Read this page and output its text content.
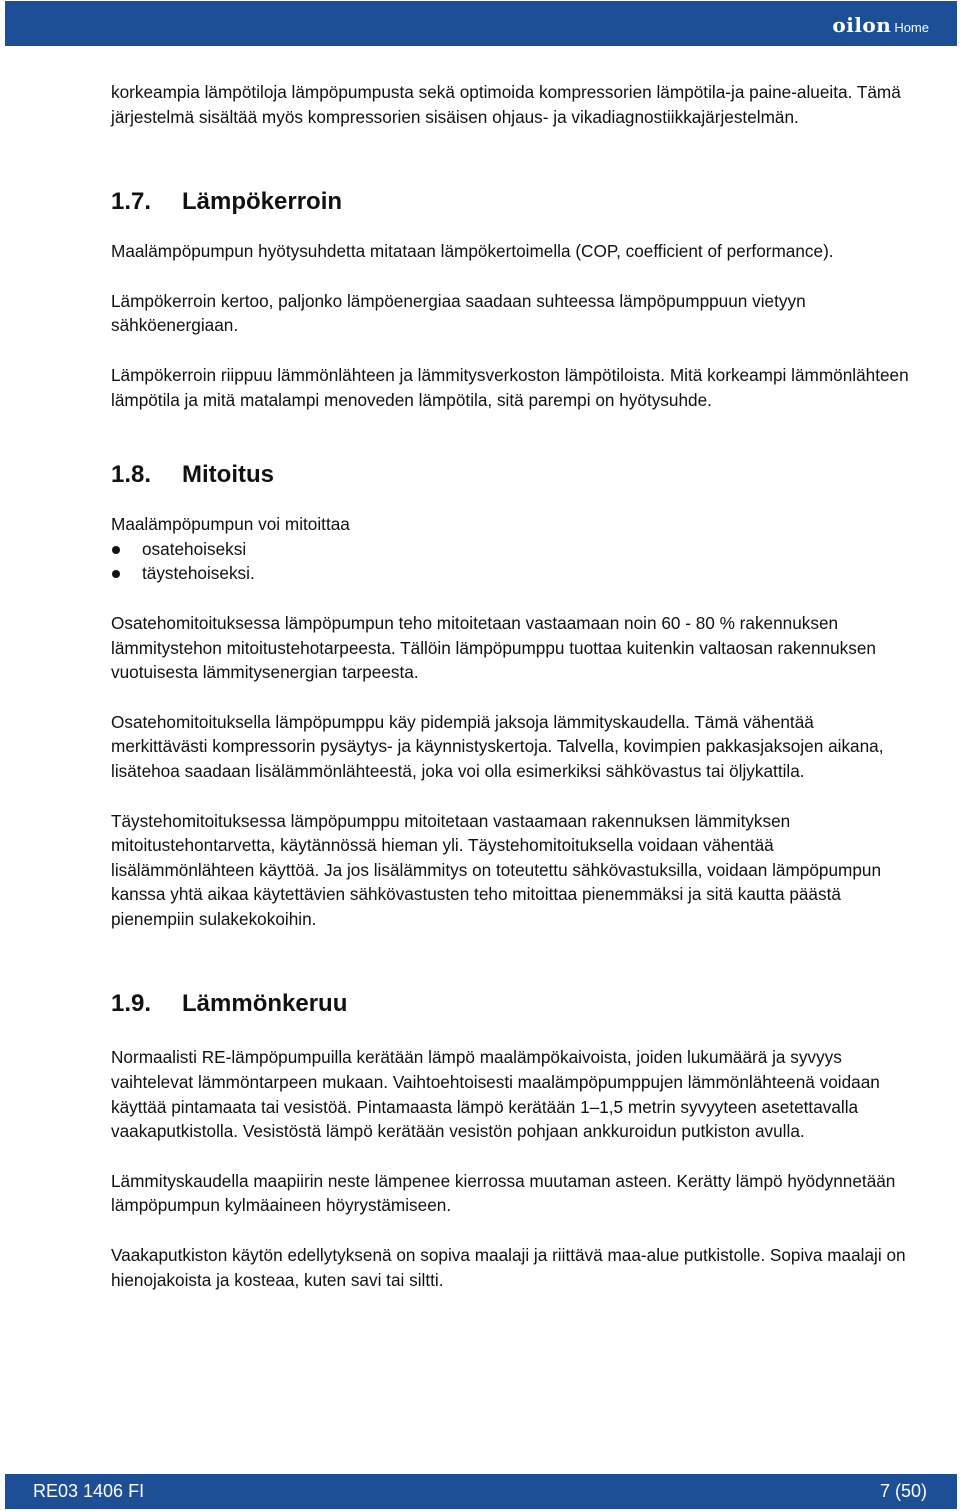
oilon Home

korkeampia lämpötiloja lämpöpumpusta sekä optimoida kompressorien lämpötila-ja paine-alueita. Tämä järjestelmä sisältää myös kompressorien sisäisen ohjaus- ja vikadiagnostiikkajärjestelmän.

1.7.	Lämpökerroin

Maalämpöpumpun hyötysuhdetta mitataan lämpökertoimella (COP, coefficient of performance).

Lämpökerroin kertoo, paljonko lämpöenergiaa saadaan suhteessa lämpöpumppuun vietyyn sähköenergiaan.

Lämpökerroin riippuu lämmönlähteen ja lämmitysverkoston lämpötiloista. Mitä korkeampi lämmönlähteen lämpötila ja mitä matalampi menoveden lämpötila, sitä parempi on hyötysuhde.

1.8.	Mitoitus

Maalämpöpumpun voi mitoittaa

osatehoiseksi
täystehoiseksi.

Osatehomitoituksessa lämpöpumpun teho mitoitetaan vastaamaan noin 60 - 80 % rakennuksen lämmitystehon mitoitustehotarpeesta. Tällöin lämpöpumppu tuottaa kuitenkin valtaosan rakennuksen vuotuisesta lämmitysenergian tarpeesta.

Osatehomitoituksella lämpöpumppu käy pidempiä jaksoja lämmityskaudella. Tämä vähentää merkittävästi kompressorin pysäytys- ja käynnistyskertoja. Talvella, kovimpien pakkasjaksojen aikana, lisätehoa saadaan lisälämmönlähteestä, joka voi olla esimerkiksi sähkövastus tai öljykattila.

Täystehomitoituksessa lämpöpumppu mitoitetaan vastaamaan rakennuksen lämmityksen mitoitustehontarvetta, käytännössä hieman yli. Täystehomitoituksella voidaan vähentää lisälämmönlähteen käyttöä. Ja jos lisälämmitys on toteutettu sähkövastuksilla, voidaan lämpöpumpun kanssa yhtä aikaa käytettävien sähkövastusten teho mitoittaa pienemmäksi ja sitä kautta päästä pienempiin sulakekokoihin.

1.9.	Lämmönkeruu

Normaalisti RE-lämpöpumpuilla kerätään lämpö maalämpökaivoista, joiden lukumäärä ja syvyys vaihtelevat lämmöntarpeen mukaan. Vaihtoehtoisesti maalämpöpumppujen lämmönlähteenä voidaan käyttää pintamaata tai vesistöä. Pintamaasta lämpö kerätään 1–1,5 metrin syvyyteen asetettavalla vaakaputkistolla. Vesistöstä lämpö kerätään vesistön pohjaan ankkuroidun putkiston avulla.

Lämmityskaudella maapiirin neste lämpenee kierrossa muutaman asteen. Kerätty lämpö hyödynnetään lämpöpumpun kylmäaineen höyrystämiseen.

Vaakaputkiston käytön edellytyksenä on sopiva maalaji ja riittävä maa-alue putkistolle. Sopiva maalaji on hienojakoista ja kosteaa, kuten savi tai siltti.

RE03 1406 FI	7 (50)
